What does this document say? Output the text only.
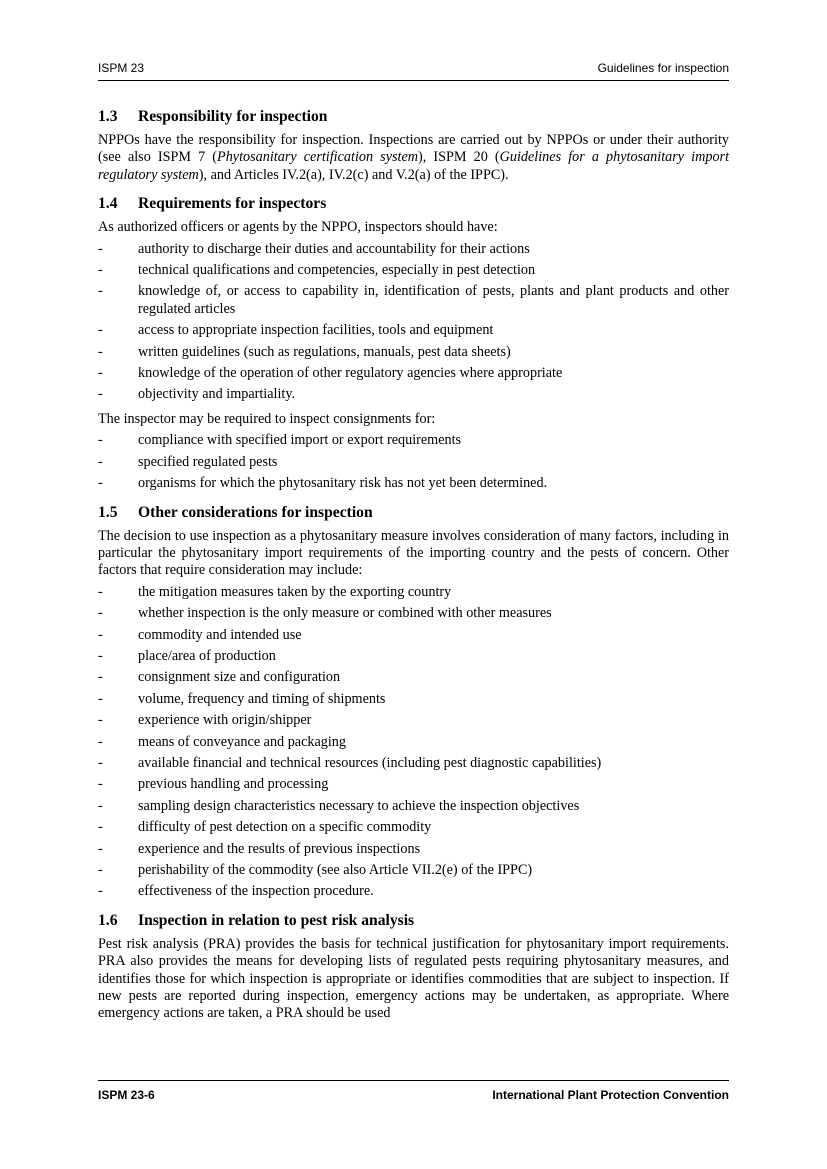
ISPM 23	Guidelines for inspection
1.3 Responsibility for inspection

NPPOs have the responsibility for inspection. Inspections are carried out by NPPOs or under their authority (see also ISPM 7 (Phytosanitary certification system), ISPM 20 (Guidelines for a phytosanitary import regulatory system), and Articles IV.2(a), IV.2(c) and V.2(a) of the IPPC).

1.4 Requirements for inspectors

As authorized officers or agents by the NPPO, inspectors should have:

- authority to discharge their duties and accountability for their actions
- technical qualifications and competencies, especially in pest detection
- knowledge of, or access to capability in, identification of pests, plants and plant products and other regulated articles
- access to appropriate inspection facilities, tools and equipment
- written guidelines (such as regulations, manuals, pest data sheets)
- knowledge of the operation of other regulatory agencies where appropriate
- objectivity and impartiality.

The inspector may be required to inspect consignments for:

- compliance with specified import or export requirements
- specified regulated pests
- organisms for which the phytosanitary risk has not yet been determined.
1.5 Other considerations for inspection

The decision to use inspection as a phytosanitary measure involves consideration of many factors, including in particular the phytosanitary import requirements of the importing country and the pests of concern. Other factors that require consideration may include:

- the mitigation measures taken by the exporting country
- whether inspection is the only measure or combined with other measures
- commodity and intended use
- place/area of production
- consignment size and configuration
- volume, frequency and timing of shipments
- experience with origin/shipper
- means of conveyance and packaging
- available financial and technical resources (including pest diagnostic capabilities)
- previous handling and processing
- sampling design characteristics necessary to achieve the inspection objectives
- difficulty of pest detection on a specific commodity
- experience and the results of previous inspections
- perishability of the commodity (see also Article VII.2(e) of the IPPC)
- effectiveness of the inspection procedure.
1.6 Inspection in relation to pest risk analysis

Pest risk analysis (PRA) provides the basis for technical justification for phytosanitary import requirements. PRA also provides the means for developing lists of regulated pests requiring phytosanitary measures, and identifies those for which inspection is appropriate or identifies commodities that are subject to inspection. If new pests are reported during inspection, emergency actions may be undertaken, as appropriate. Where emergency actions are taken, a PRA should be used

ISPM 23-6	International Plant Protection Convention
